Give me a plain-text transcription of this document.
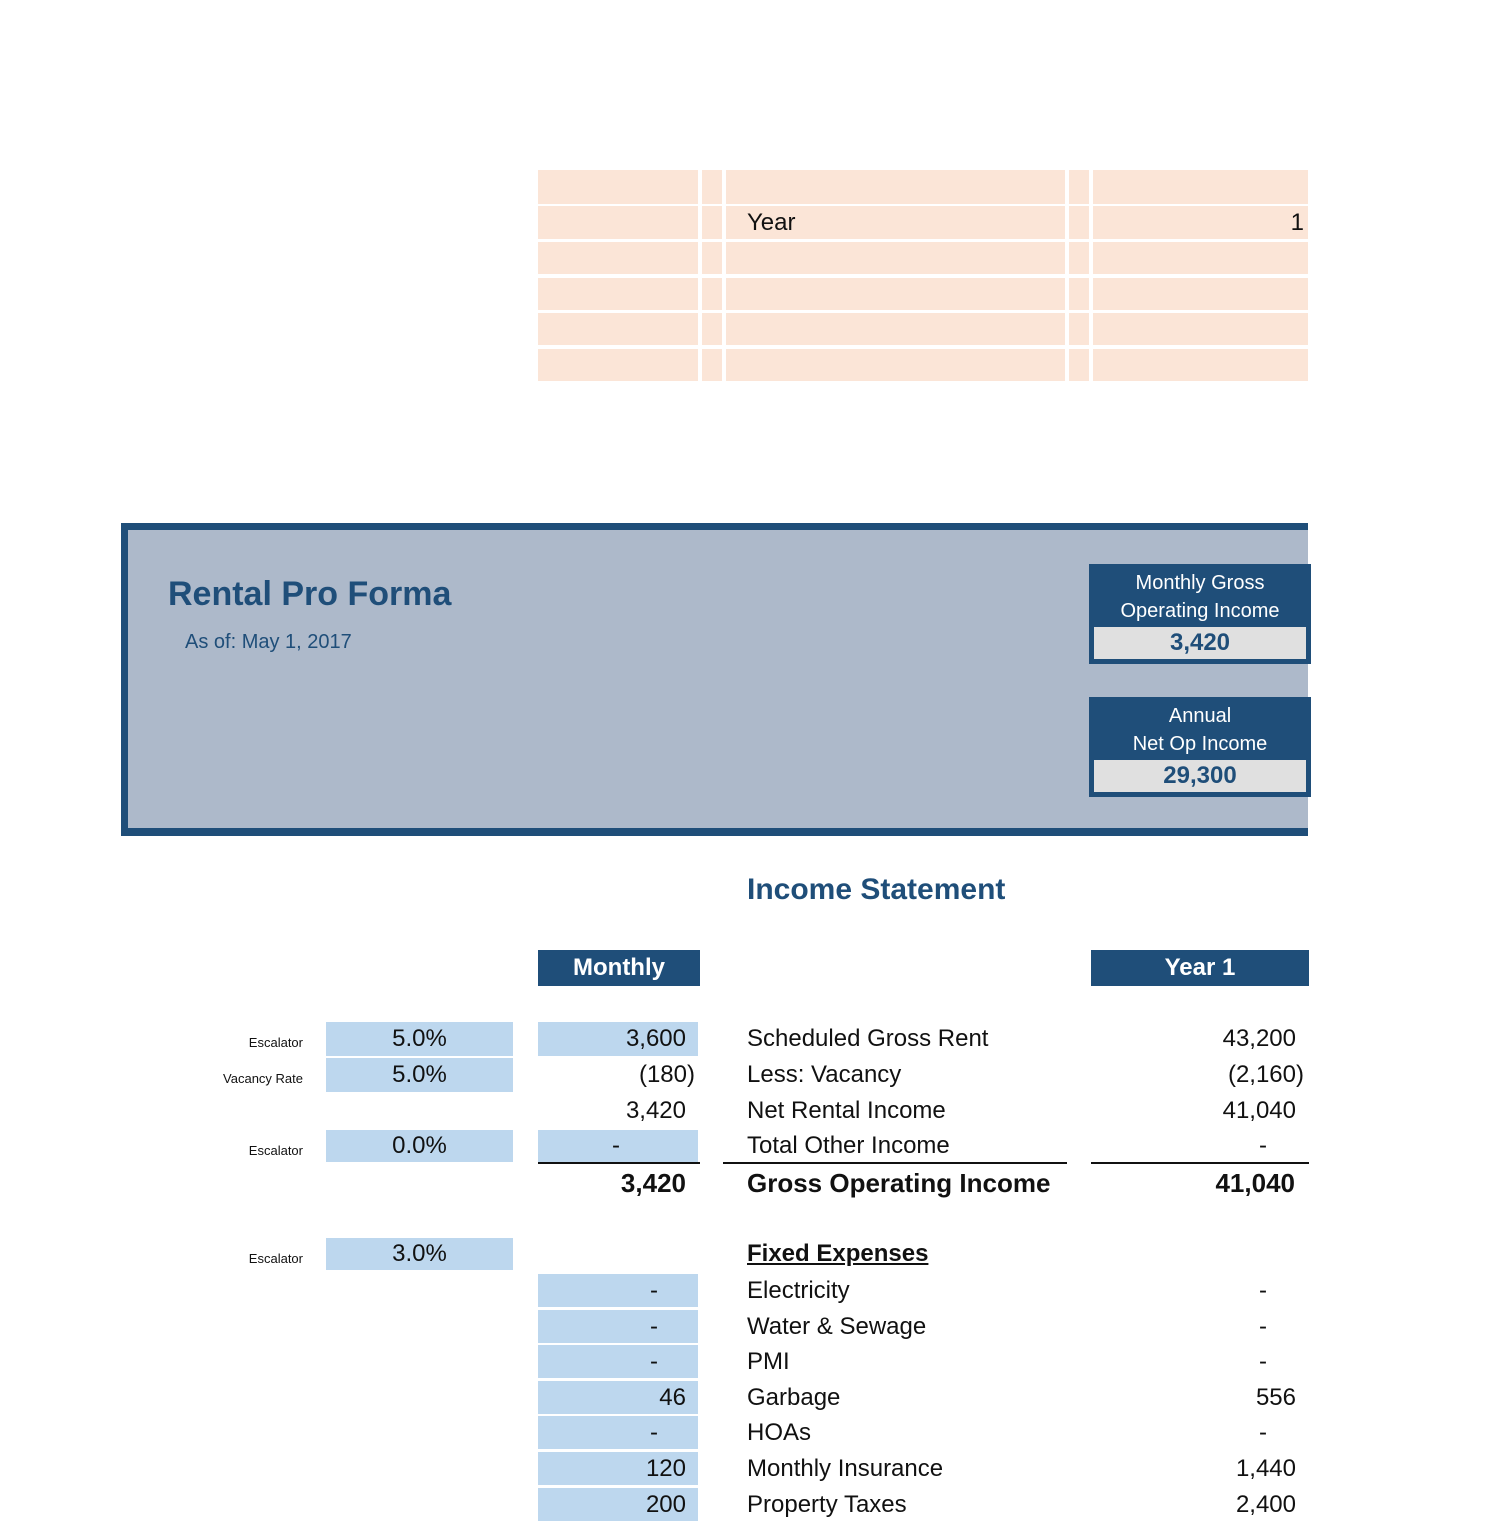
Year	1
Rental Pro Forma
As of: May 1, 2017
Monthly Gross
Operating Income
3,420
Annual
Net Op Income
29,300
Income Statement
Monthly	Year 1
Escalator	5.0%	3,600	Scheduled Gross Rent	43,200
Vacancy Rate	5.0%	(180) Less: Vacancy	(2,160)
3,420	Net Rental Income	41,040
Escalator	0.0%	-	Total Other Income	-
3,420 Gross Operating Income	41,040
Escalator	3.0%	Fixed Expenses
-	Electricity	-
-	Water & Sewage	-
-	PMI	-
46	Garbage	556
-	HOAs	-
120	Monthly Insurance	1,440
200	Property Taxes	2,400
